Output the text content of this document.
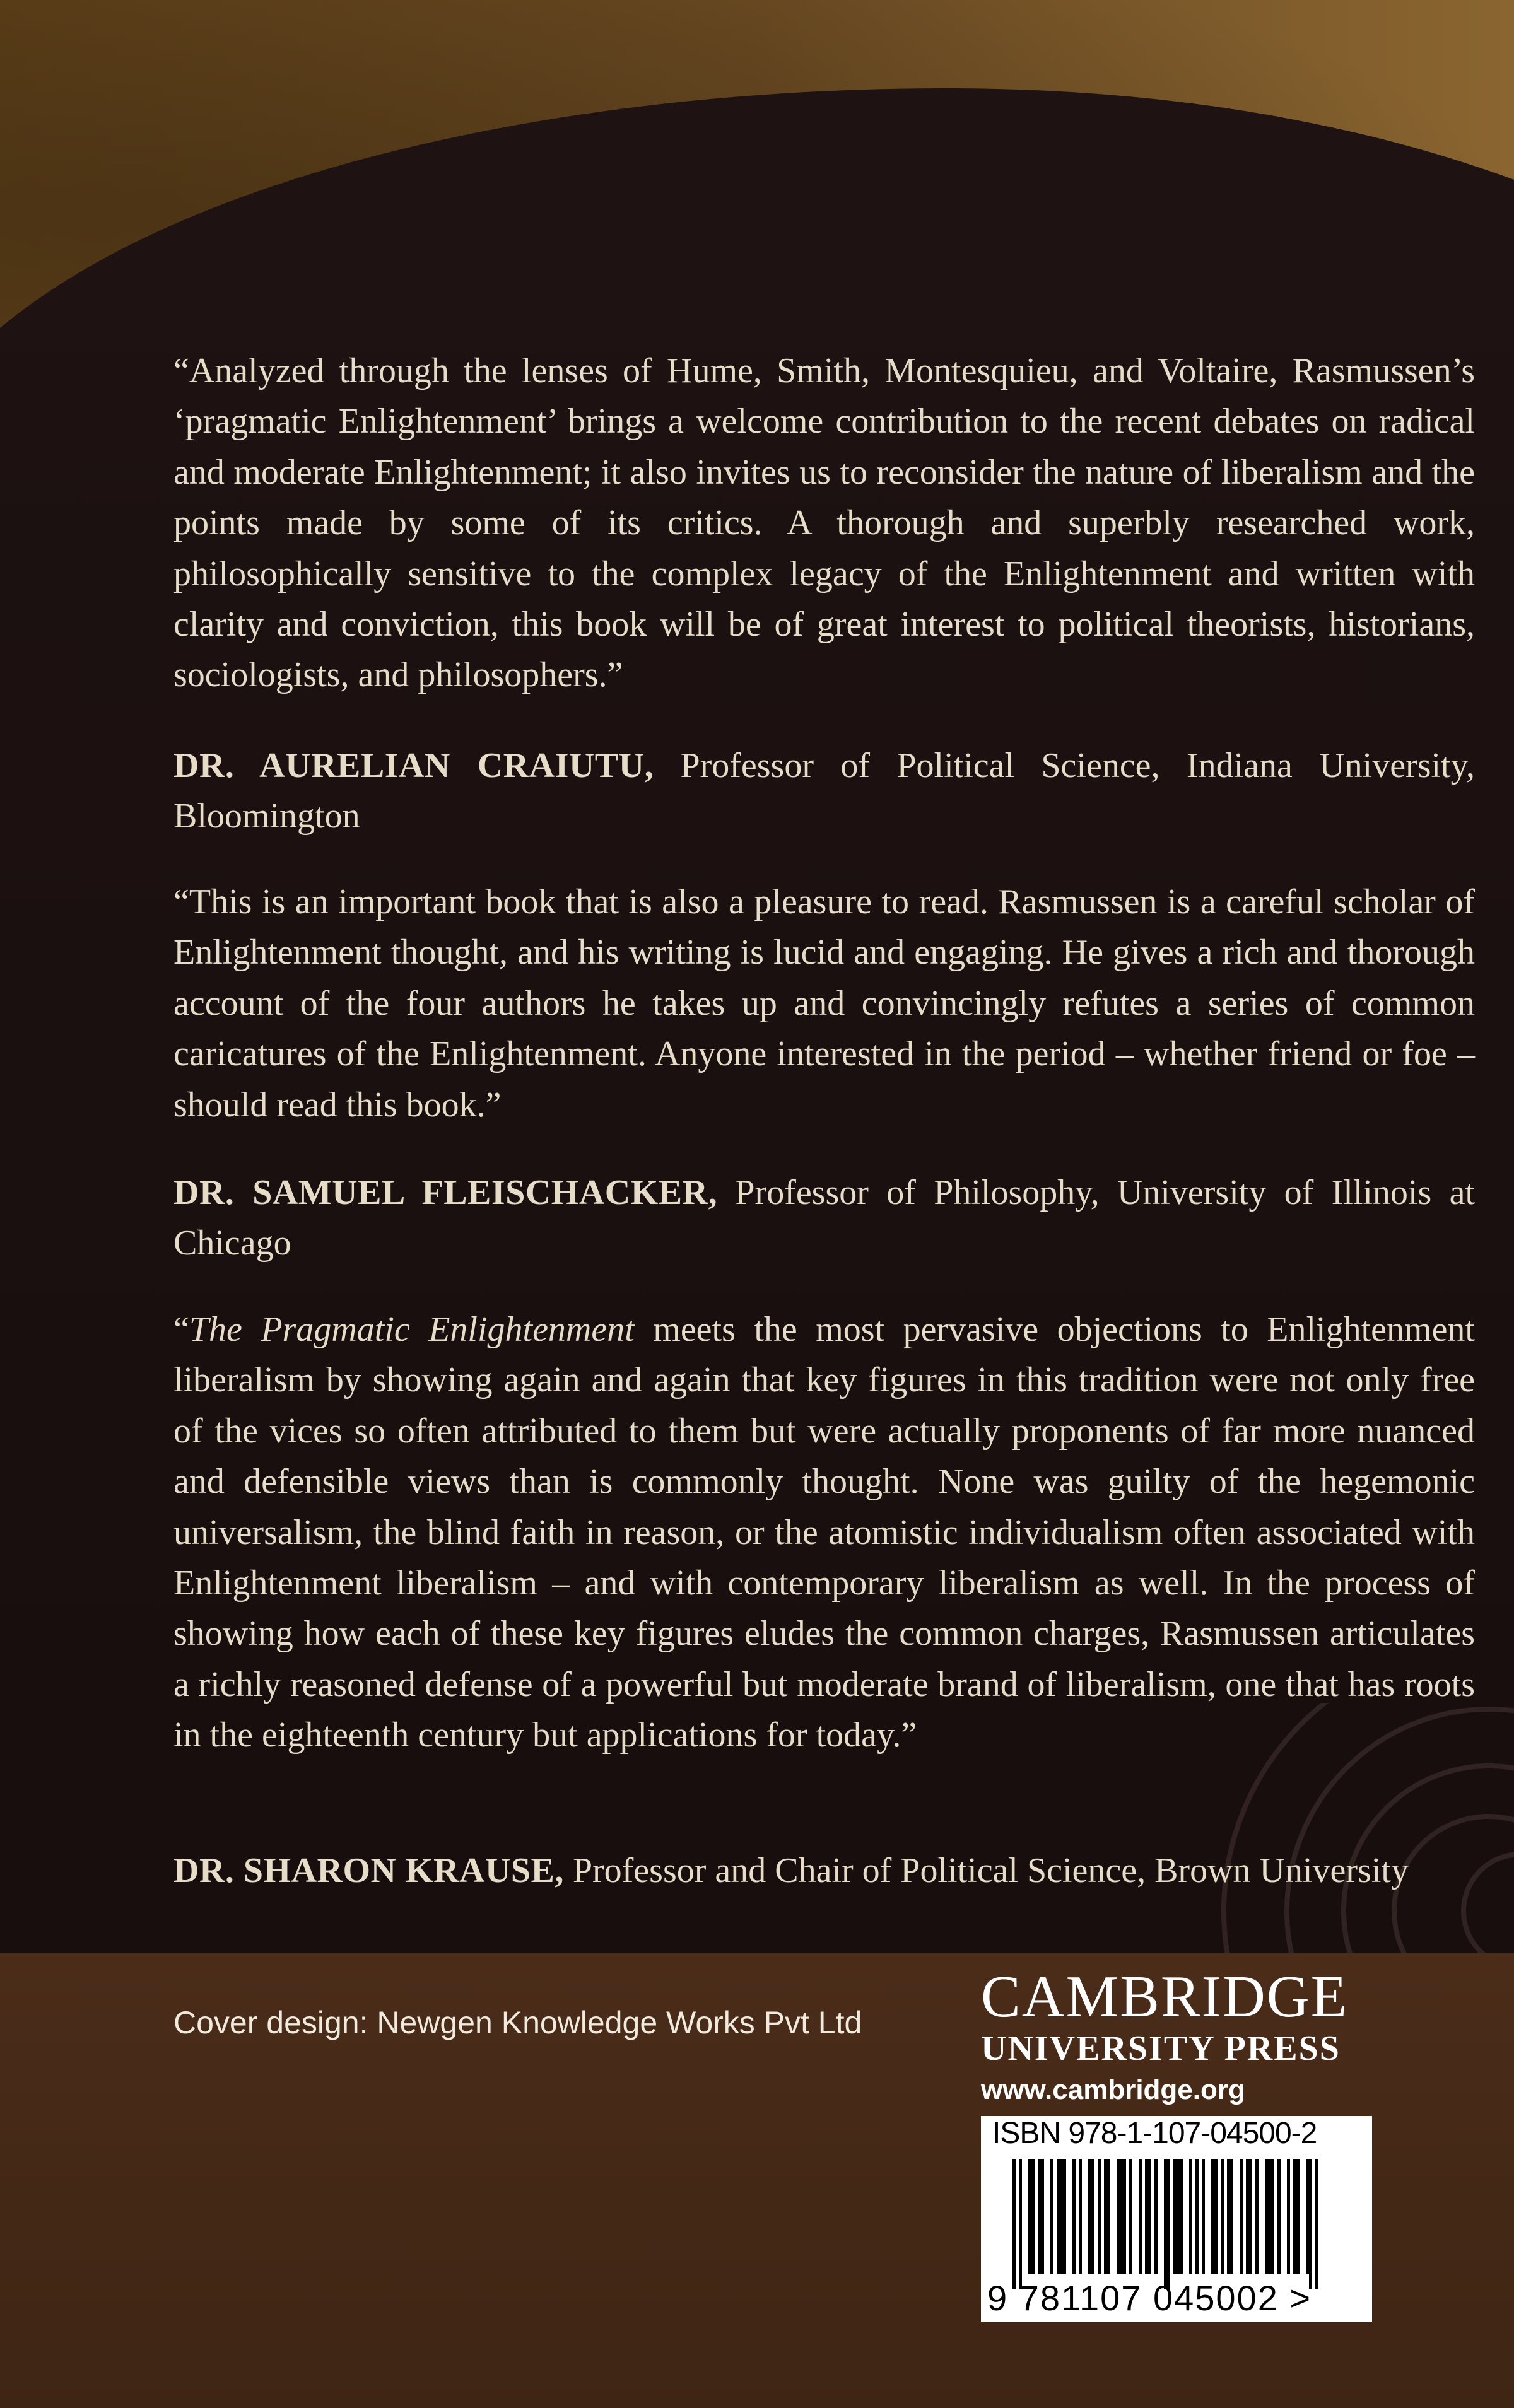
“Analyzed through the lenses of Hume, Smith, Montesquieu, and Voltaire, Rasmussen’s ‘pragmatic Enlightenment’ brings a welcome contribution to the recent debates on radical and moderate Enlightenment; it also invites us to reconsider the nature of liberalism and the points made by some of its critics. A thorough and superbly researched work, philosophically sensitive to the complex legacy of the Enlightenment and written with clarity and conviction, this book will be of great interest to political theorists, historians, sociologists, and philosophers.”

DR. AURELIAN CRAIUTU, Professor of Political Science, Indiana University, Bloomington

“This is an important book that is also a pleasure to read. Rasmussen is a careful scholar of Enlightenment thought, and his writing is lucid and engaging. He gives a rich and thorough account of the four authors he takes up and convincingly refutes a series of common caricatures of the Enlightenment. Anyone interested in the period – whether friend or foe – should read this book.”

DR. SAMUEL FLEISCHACKER, Professor of Philosophy, University of Illinois at Chicago

“The Pragmatic Enlightenment meets the most pervasive objections to Enlightenment liberalism by showing again and again that key figures in this tradition were not only free of the vices so often attributed to them but were actually proponents of far more nuanced and defensible views than is commonly thought. None was guilty of the hegemonic universalism, the blind faith in reason, or the atomistic individualism often associated with Enlightenment liberalism – and with contemporary liberalism as well. In the process of showing how each of these key figures eludes the common charges, Rasmussen articulates a richly reasoned defense of a powerful but moderate brand of liberalism, one that has roots in the eighteenth century but applications for today.”

DR. SHARON KRAUSE, Professor and Chair of Political Science, Brown University

Cover design: Newgen Knowledge Works Pvt Ltd CAMBRIDGE
UNIVERSITY PRESS
www.cambridge.org
ISBN 978-1-107-04500-2
9 781107 045002 >
